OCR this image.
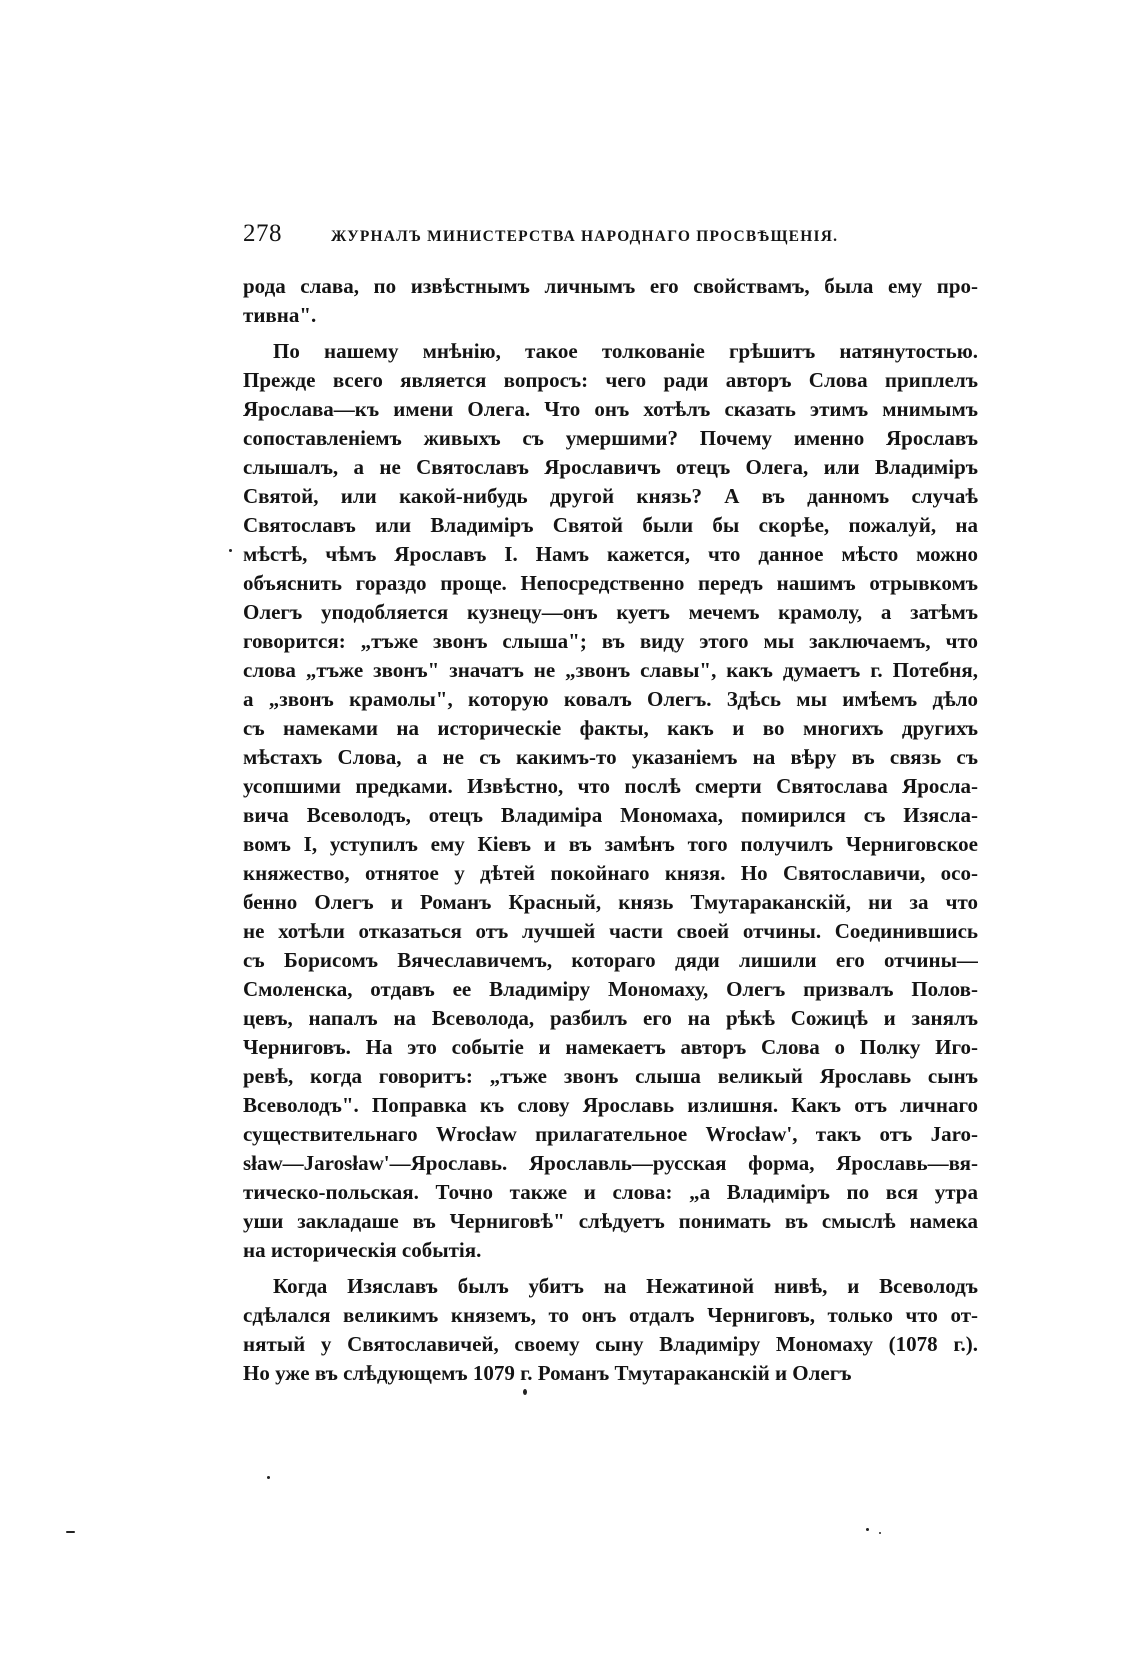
278	ЖУРНАЛЪ МИНИСТЕРСТВА НАРОДНАГО ПРОСВѢЩЕНІЯ.
рода слава, по извѣстнымъ личнымъ его свойствамъ, была ему про-
тивна".
По нашему мнѣнію, такое толкованіе грѣшитъ натянутостью.
Прежде всего является вопросъ: чего ради авторъ Слова приплелъ
Ярослава—къ имени Олега. Что онъ хотѣлъ сказать этимъ мнимымъ
сопоставленіемъ живыхъ съ умершими? Почему именно Ярославъ
слышалъ, а не Святославъ Ярославичъ отецъ Олега, или Владиміръ
Святой, или какой-нибудь другой князь? А въ данномъ случаѣ
Святославъ или Владиміръ Святой были бы скорѣе, пожалуй, на
мѣстѣ, чѣмъ Ярославъ I. Намъ кажется, что данное мѣсто можно
объяснить гораздо проще. Непосредственно передъ нашимъ отрывкомъ
Олегъ уподобляется кузнецу—онъ куетъ мечемъ крамолу, а затѣмъ
говорится: „тъже звонъ слыша"; въ виду этого мы заключаемъ, что
слова „тъже звонъ" значатъ не „звонъ славы", какъ думаетъ г. Потебня,
а „звонъ крамолы", которую ковалъ Олегъ. Здѣсь мы имѣемъ дѣло
съ намеками на историческіе факты, какъ и во многихъ другихъ
мѣстахъ Слова, а не съ какимъ-то указаніемъ на вѣру въ связь съ
усопшими предками. Извѣстно, что послѣ смерти Святослава Яросла-
вича Всеволодъ, отецъ Владиміра Мономаха, помирился съ Изясла-
вомъ I, уступилъ ему Кіевъ и въ замѣнъ того получилъ Черниговское
княжество, отнятое у дѣтей покойнаго князя. Но Святославичи, осо-
бенно Олегъ и Романъ Красный, князь Тмутараканскій, ни за что
не хотѣли отказаться отъ лучшей части своей отчины. Соединившись
съ Борисомъ Вячеславичемъ, котораго дяди лишили его отчины—
Смоленска, отдавъ ее Владиміру Мономаху, Олегъ призвалъ Полов-
цевъ, напалъ на Всеволода, разбилъ его на рѣкѣ Сожицѣ и занялъ
Черниговъ. На это событіе и намекаетъ авторъ Слова о Полку Иго-
ревѣ, когда говоритъ: „тъже звонъ слыша великый Ярославь сынъ
Всеволодъ". Поправка къ слову Ярославь излишня. Какъ отъ личнаго
существительнаго Wrocław прилагательное Wrocław', такъ отъ Jaro-
sław—Jarosław'—Ярославь. Ярославль—русская форма, Ярославь—вя-
тическо-польская. Точно также и слова: „а Владиміръ по вся утра
уши закладаше въ Черниговѣ" слѣдуетъ понимать въ смыслѣ намека
на историческія событія.
Когда Изяславъ былъ убитъ на Нежатиной нивѣ, и Всеволодъ
сдѣлался великимъ княземъ, то онъ отдалъ Черниговъ, только что от-
нятый у Святославичей, своему сыну Владиміру Мономаху (1078 г.).
Но уже въ слѣдующемъ 1079 г. Романъ Тмутараканскій и Олегъ
